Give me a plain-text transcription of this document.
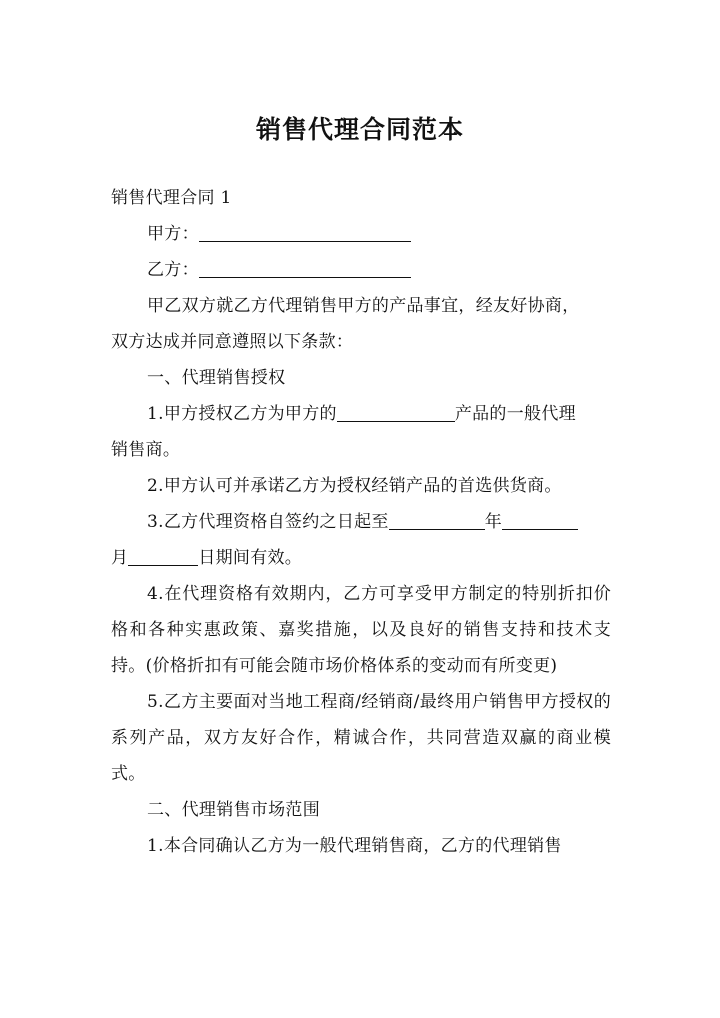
销售代理合同范本

销售代理合同 1

甲方：

乙方：

甲乙双方就乙方代理销售甲方的产品事宜，经友好协商，

双方达成并同意遵照以下条款：

一、代理销售授权

1.甲方授权乙方为甲方的	产品的一般代理

销售商。

2.甲方认可并承诺乙方为授权经销产品的首选供货商。

3.乙方代理资格自签约之日起至	年

月	日期间有效。

4.在代理资格有效期内，乙方可享受甲方制定的特别折扣价格和各种实惠政策、嘉奖措施，以及良好的销售支持和技术支持。(价格折扣有可能会随市场价格体系的变动而有所变更)

5.乙方主要面对当地工程商/经销商/最终用户销售甲方授权的系列产品，双方友好合作，精诚合作，共同营造双赢的商业模式。

二、代理销售市场范围

1.本合同确认乙方为一般代理销售商，乙方的代理销售
